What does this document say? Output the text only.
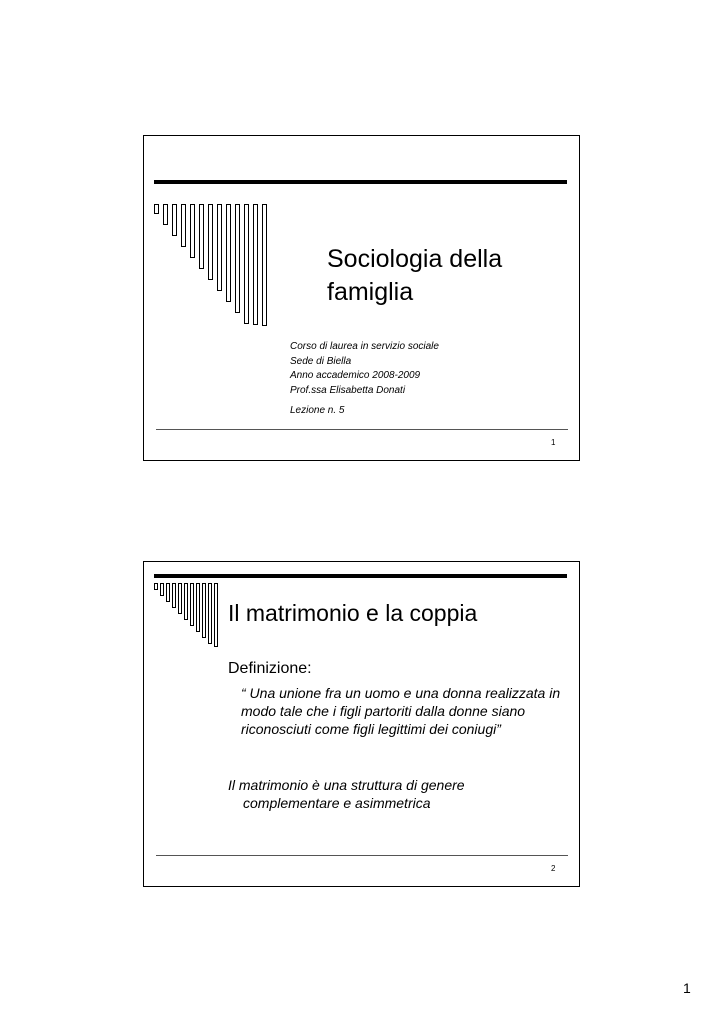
Sociologia della
famiglia
Corso di laurea in servizio sociale
Sede di Biella
Anno accademico 2008-2009
Prof.ssa Elisabetta Donati
Lezione n. 5
1
Il matrimonio e la coppia
Definizione:
“ Una unione fra un uomo e una donna realizzata in modo tale che i figli partoriti dalla donne siano riconosciuti come figli legittimi dei coniugi”
Il matrimonio è una struttura di genere
complementare e asimmetrica
2
1
